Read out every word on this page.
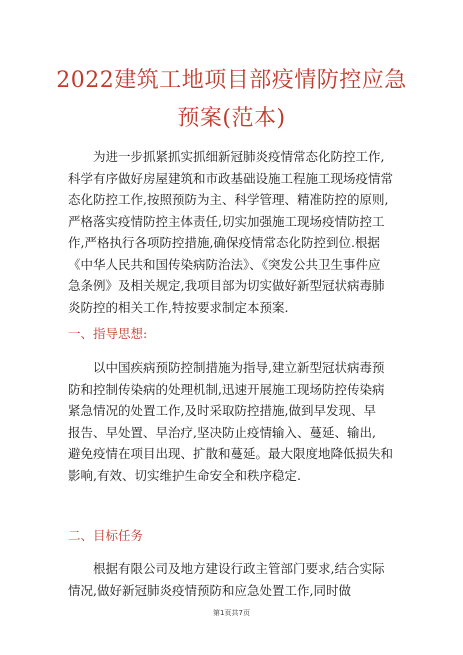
2022建筑工地项目部疫情防控应急
预案(范本)
为进一步抓紧抓实抓细新冠肺炎疫情常态化防控工作,
科学有序做好房屋建筑和市政基础设施工程施工现场疫情常
态化防控工作,按照预防为主、科学管理、精准防控的原则,
严格落实疫情防控主体责任,切实加强施工现场疫情防控工
作,严格执行各项防控措施,确保疫情常态化防控到位.根据
《中华人民共和国传染病防治法》、《突发公共卫生事件应
急条例》及相关规定,我项目部为切实做好新型冠状病毒肺
炎防控的相关工作,特按要求制定本预案.
一、指导思想:
以中国疾病预防控制措施为指导,建立新型冠状病毒预
防和控制传染病的处理机制,迅速开展施工现场防控传染病
紧急情况的处置工作,及时采取防控措施,做到早发现、早
报告、早处置、早治疗,坚决防止疫情输入、蔓延、输出,
避免疫情在项目出现、扩散和蔓延。最大限度地降低损失和
影响,有效、切实维护生命安全和秩序稳定.
二、目标任务
根据有限公司及地方建设行政主管部门要求,结合实际
情况,做好新冠肺炎疫情预防和应急处置工作,同时做
第1页共7页
